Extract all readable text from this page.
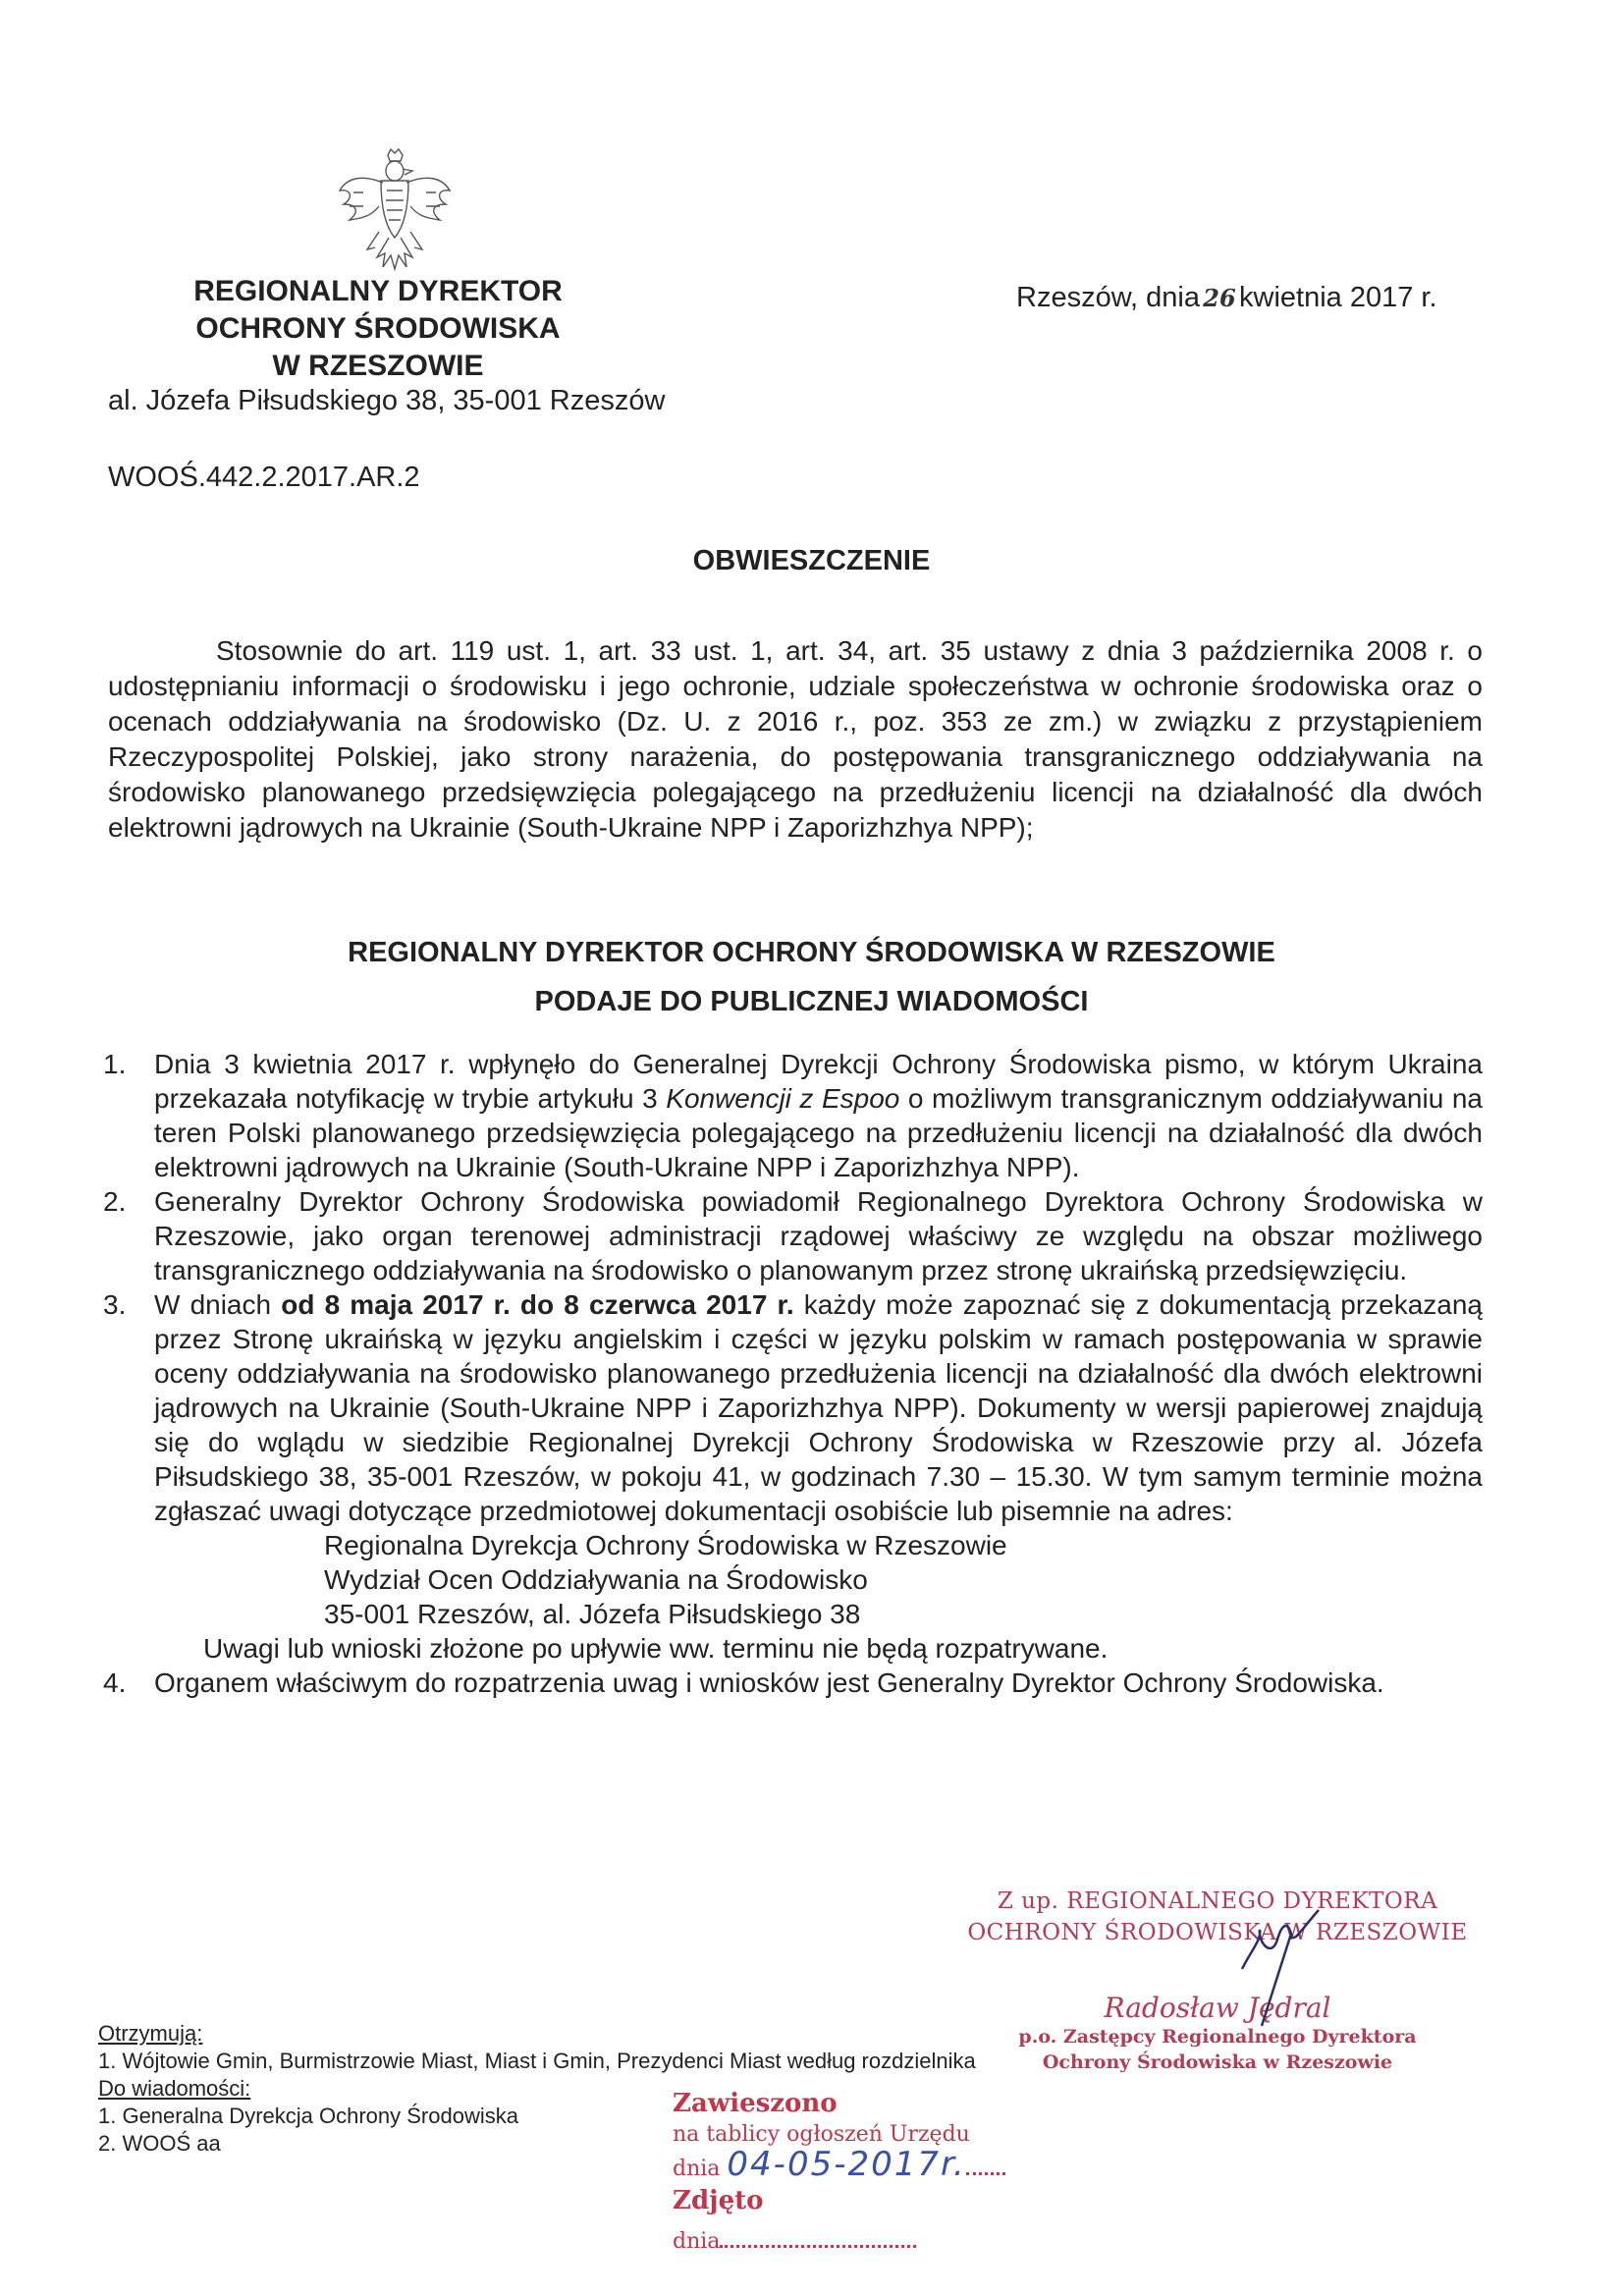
REGIONALNY DYREKTOR
OCHRONY ŚRODOWISKA
W RZESZOWIE
al. Józefa Piłsudskiego 38, 35-001 Rzeszów
Rzeszów, dnia 26 kwietnia 2017 r.
WOOŚ.442.2.2017.AR.2
OBWIESZCZENIE
Stosownie do art. 119 ust. 1, art. 33 ust. 1, art. 34, art. 35 ustawy z dnia 3 października 2008 r. o udostępnianiu informacji o środowisku i jego ochronie, udziale społeczeństwa w ochronie środowiska oraz o ocenach oddziaływania na środowisko (Dz. U. z 2016 r., poz. 353 ze zm.) w związku z przystąpieniem Rzeczypospolitej Polskiej, jako strony narażenia, do postępowania transgranicznego oddziaływania na środowisko planowanego przedsięwzięcia polegającego na przedłużeniu licencji na działalność dla dwóch elektrowni jądrowych na Ukrainie (South-Ukraine NPP i Zaporizhzhya NPP);
REGIONALNY DYREKTOR OCHRONY ŚRODOWISKA W RZESZOWIE
PODAJE DO PUBLICZNEJ WIADOMOŚCI
1.	Dnia 3 kwietnia 2017 r. wpłynęło do Generalnej Dyrekcji Ochrony Środowiska pismo, w którym Ukraina przekazała notyfikację w trybie artykułu 3 Konwencji z Espoo o możliwym transgranicznym oddziaływaniu na teren Polski planowanego przedsięwzięcia polegającego na przedłużeniu licencji na działalność dla dwóch elektrowni jądrowych na Ukrainie (South-Ukraine NPP i Zaporizhzhya NPP).
2.	Generalny Dyrektor Ochrony Środowiska powiadomił Regionalnego Dyrektora Ochrony Środowiska w Rzeszowie, jako organ terenowej administracji rządowej właściwy ze względu na obszar możliwego transgranicznego oddziaływania na środowisko o planowanym przez stronę ukraińską przedsięwzięciu.
3.	W dniach od 8 maja 2017 r. do 8 czerwca 2017 r. każdy może zapoznać się z dokumentacją przekazaną przez Stronę ukraińską w języku angielskim i części w języku polskim w ramach postępowania w sprawie oceny oddziaływania na środowisko planowanego przedłużenia licencji na działalność dla dwóch elektrowni jądrowych na Ukrainie (South-Ukraine NPP i Zaporizhzhya NPP). Dokumenty w wersji papierowej znajdują się do wglądu w siedzibie Regionalnej Dyrekcji Ochrony Środowiska w Rzeszowie przy al. Józefa Piłsudskiego 38, 35-001 Rzeszów, w pokoju 41, w godzinach 7.30 – 15.30. W tym samym terminie można zgłaszać uwagi dotyczące przedmiotowej dokumentacji osobiście lub pisemnie na adres:
Regionalna Dyrekcja Ochrony Środowiska w Rzeszowie
Wydział Ocen Oddziaływania na Środowisko
35-001 Rzeszów, al. Józefa Piłsudskiego 38
Uwagi lub wnioski złożone po upływie ww. terminu nie będą rozpatrywane.
4.	Organem właściwym do rozpatrzenia uwag i wniosków jest Generalny Dyrektor Ochrony Środowiska.
Z up. REGIONALNEGO DYREKTORA
OCHRONY ŚRODOWISKA W RZESZOWIE
Radosław Jędral
p.o. Zastępcy Regionalnego Dyrektora
Ochrony Środowiska w Rzeszowie
Otrzymują:
1. Wójtowie Gmin, Burmistrzowie Miast, Miast i Gmin, Prezydenci Miast według rozdzielnika
Do wiadomości:
1. Generalna Dyrekcja Ochrony Środowiska
2. WOOŚ aa
Zawieszono
na tablicy ogłoszeń Urzędu
dnia 04-05-2017r.
Zdjęto
dnia
